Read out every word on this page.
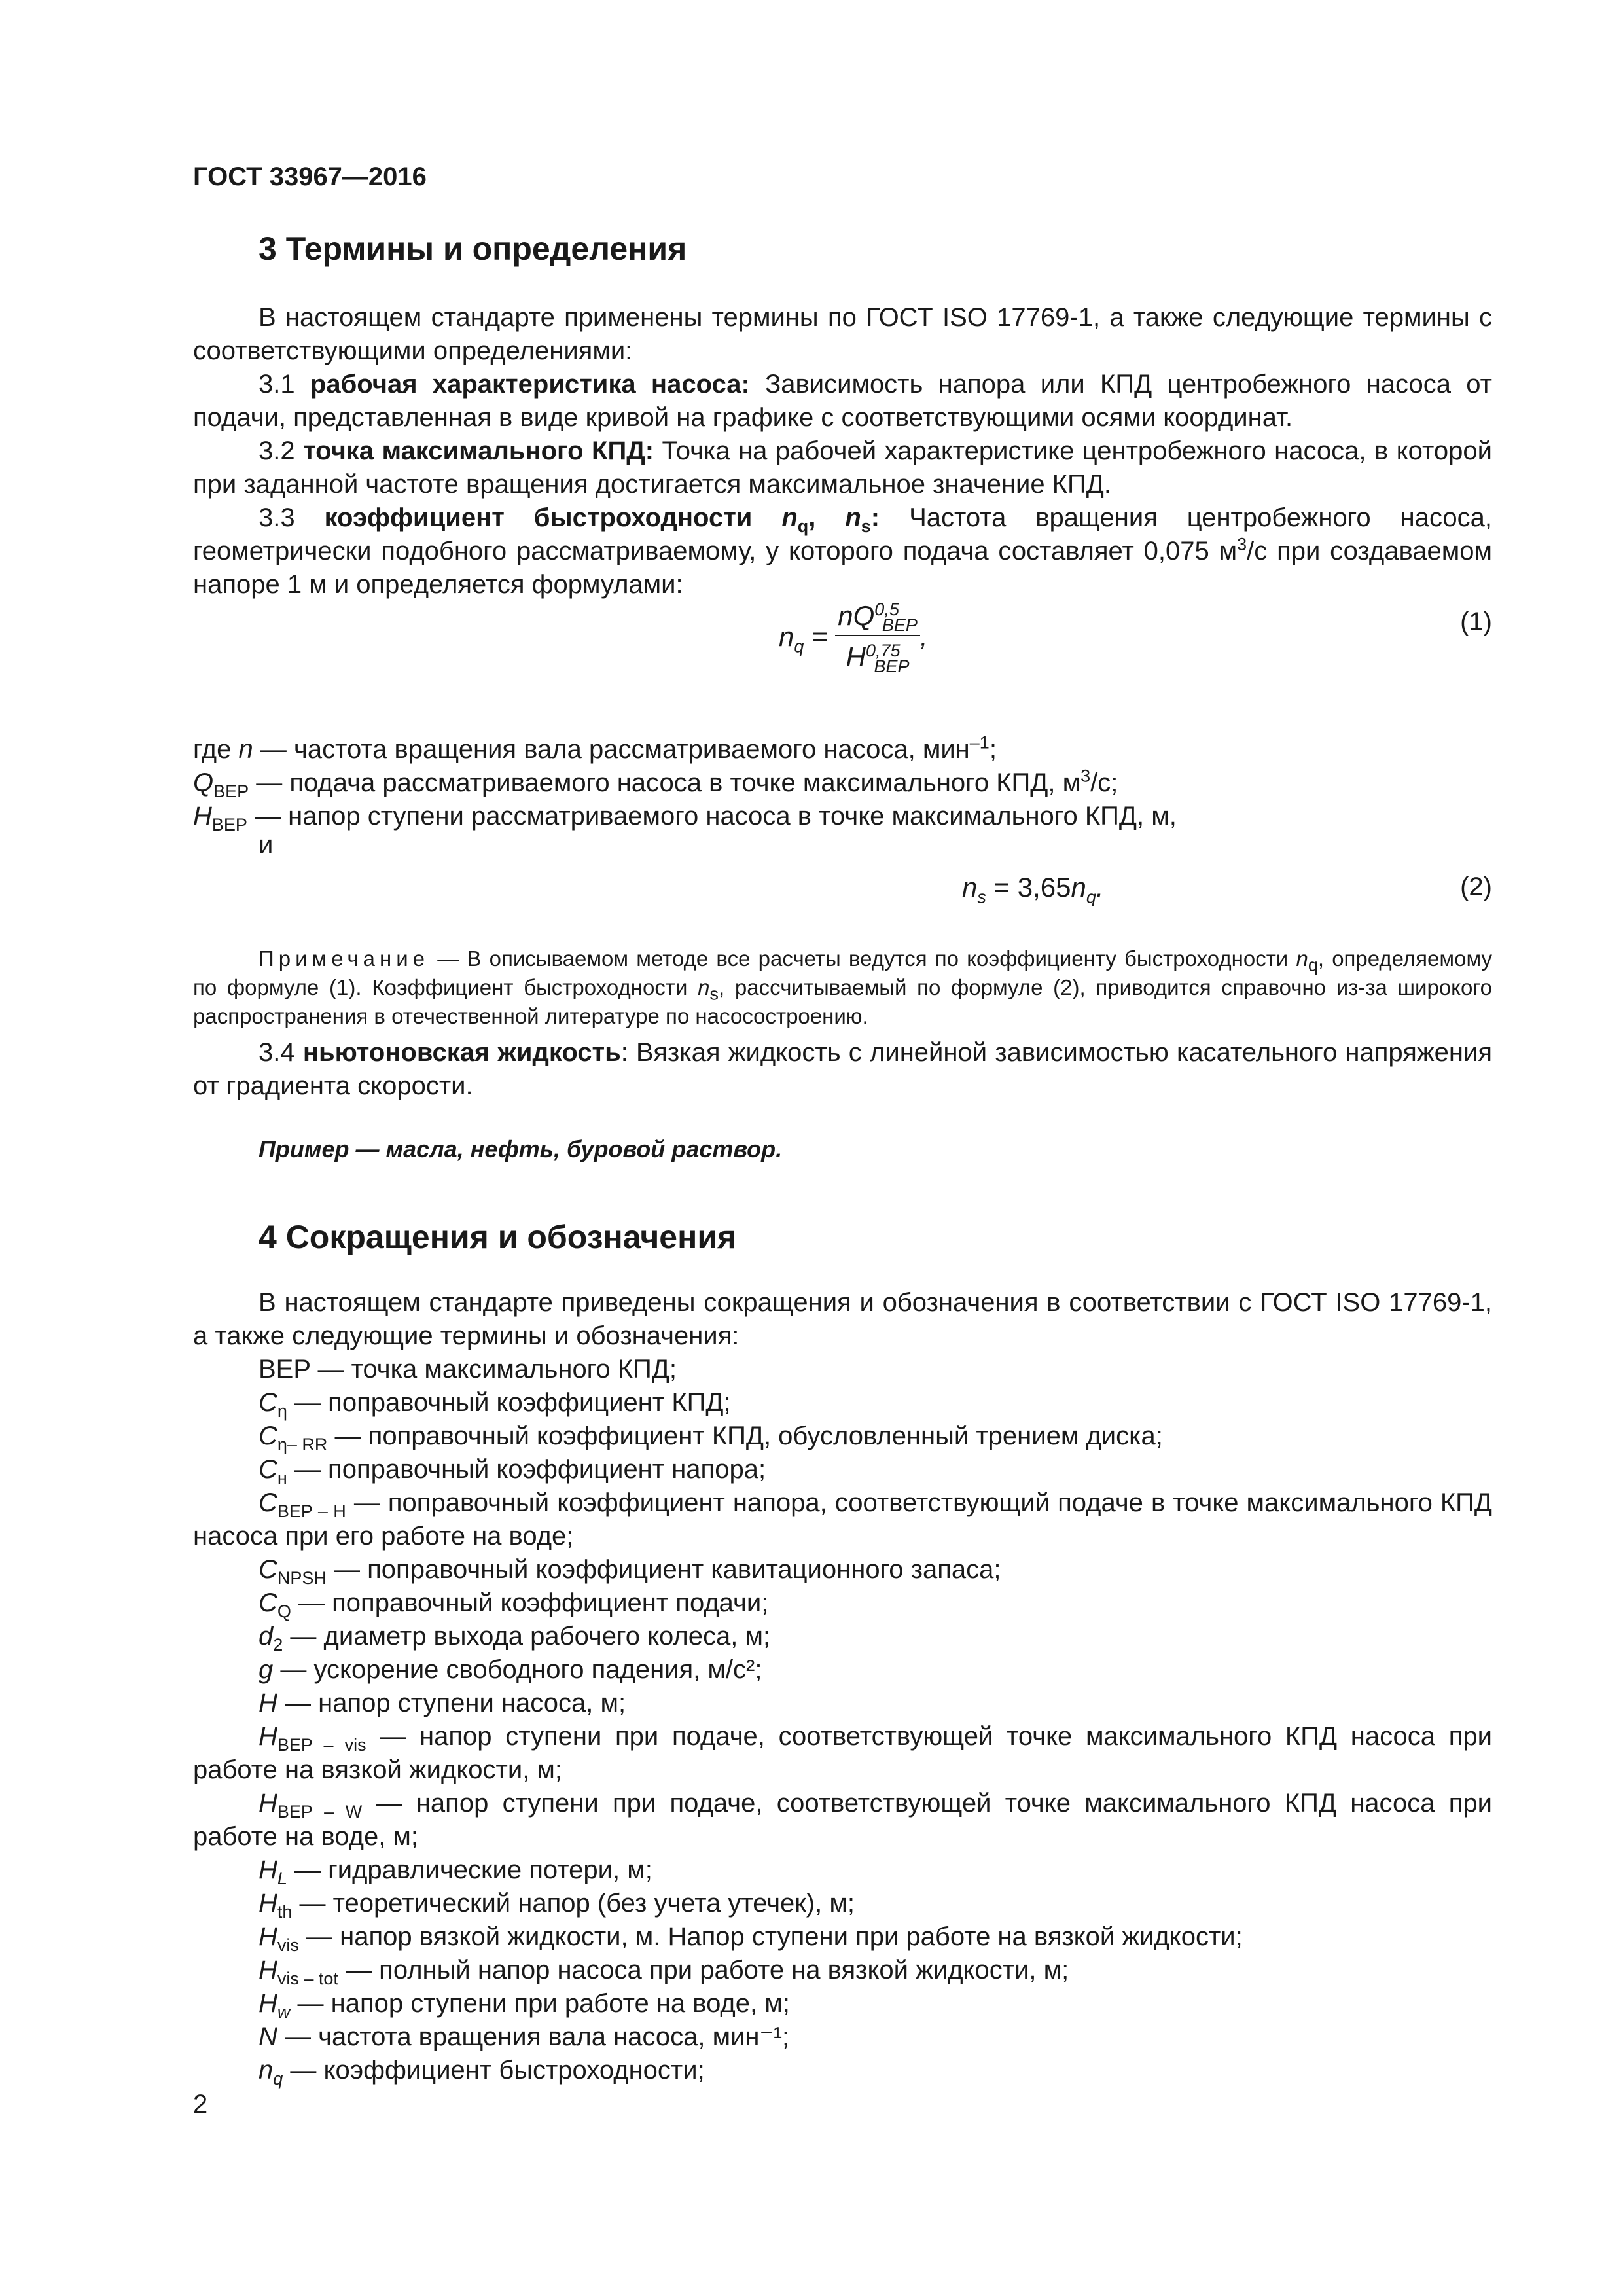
ГОСТ 33967—2016
3 Термины и определения
В настоящем стандарте применены термины по ГОСТ ISO 17769-1, а также следующие термины с соответствующими определениями:
3.1 рабочая характеристика насоса: Зависимость напора или КПД центробежного насоса от подачи, представленная в виде кривой на графике с соответствующими осями координат.
3.2 точка максимального КПД: Точка на рабочей характеристике центробежного насоса, в которой при заданной частоте вращения достигается максимальное значение КПД.
3.3 коэффициент быстроходности $n_q$, $n_s$: Частота вращения центробежного насоса, геометрически подобного рассматриваемому, у которого подача составляет 0,075 $м^3/с$ при создаваемом напоре 1 м и определяется формулами:
$n_q = \frac{nQ^{0,5}_{BEP}}{H^{0,75}_{BEP}}$ ,	(1)
где n — частота вращения вала рассматриваемого насоса, мин$^{-1}$;
$Q_{BEP}$ — подача рассматриваемого насоса в точке максимального КПД, $м^3/с$;
$H_{BEP}$ — напор ступени рассматриваемого насоса в точке максимального КПД, м,
и
$n_s = 3,65n_q$.	(2)
Примечание — В описываемом методе все расчеты ведутся по коэффициенту быстроходности $n_q$, определяемому по формуле (1). Коэффициент быстроходности $n_s$, рассчитываемый по формуле (2), приводится справочно из-за широкого распространения в отечественной литературе по насосостроению.
3.4 ньютоновская жидкость: Вязкая жидкость с линейной зависимостью касательного напряжения от градиента скорости.
Пример — масла, нефть, буровой раствор.
4 Сокращения и обозначения
В настоящем стандарте приведены сокращения и обозначения в соответствии с ГОСТ ISO 17769-1, а также следующие термины и обозначения:
BEP — точка максимального КПД;
$C_\eta$ — поправочный коэффициент КПД;
$C_{\eta- RR}$ — поправочный коэффициент КПД, обусловленный трением диска;
$C_н$ — поправочный коэффициент напора;
$C_{BEP - H}$ — поправочный коэффициент напора, соответствующий подаче в точке максимального КПД насоса при его работе на воде;
$C_{NPSH}$ — поправочный коэффициент кавитационного запаса;
$C_Q$ — поправочный коэффициент подачи;
$d_2$ — диаметр выхода рабочего колеса, м;
g — ускорение свободного падения, м/с²;
H — напор ступени насоса, м;
$H_{BEP - vis}$ — напор ступени при подаче, соответствующей точке максимального КПД насоса при работе на вязкой жидкости, м;
$H_{BEP - W}$ — напор ступени при подаче, соответствующей точке максимального КПД насоса при работе на воде, м;
$H_L$ — гидравлические потери, м;
$H_{th}$ — теоретический напор (без учета утечек), м;
$H_{vis}$ — напор вязкой жидкости, м. Напор ступени при работе на вязкой жидкости;
$H_{vis - tot}$ — полный напор насоса при работе на вязкой жидкости, м;
$H_w$ — напор ступени при работе на воде, м;
N — частота вращения вала насоса, мин⁻¹;
$n_q$ — коэффициент быстроходности;
2
